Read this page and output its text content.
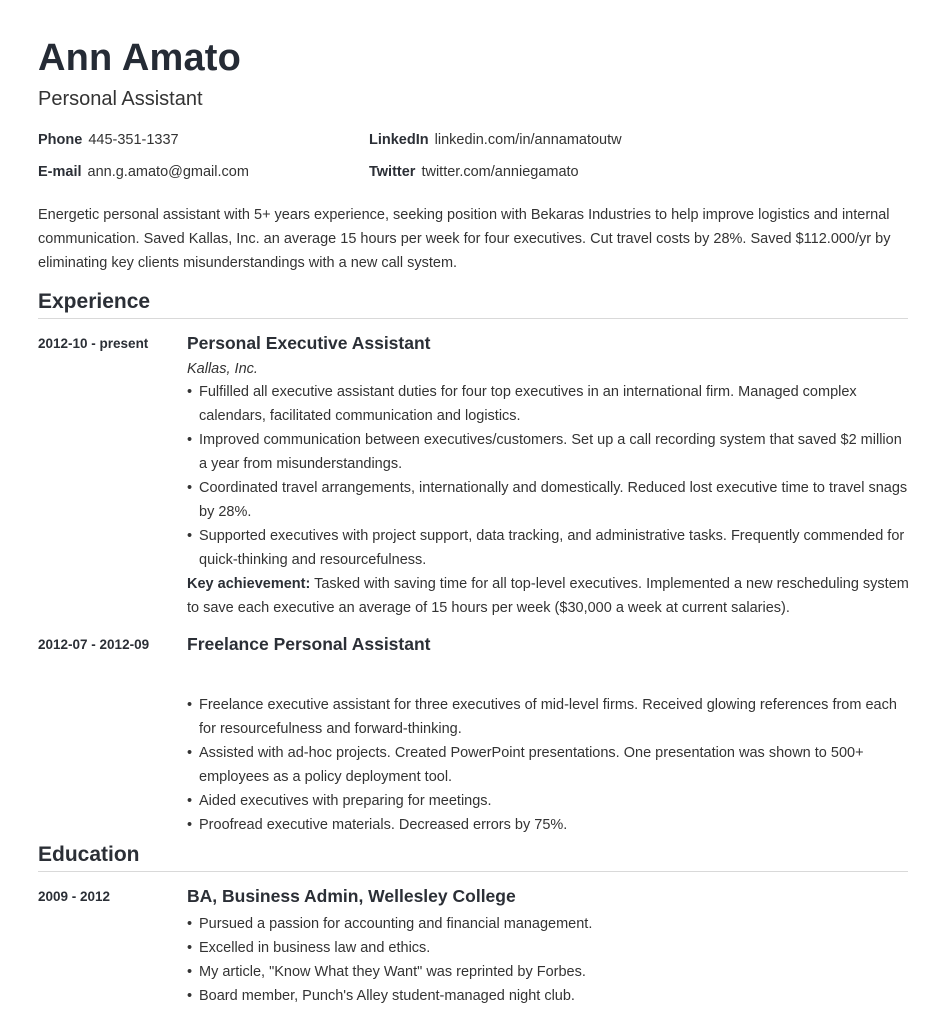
Ann Amato
Personal Assistant
Phone 445-351-1337	LinkedIn linkedin.com/in/annamatoutw
E-mail ann.g.amato@gmail.com	Twitter twitter.com/anniegamato
Energetic personal assistant with 5+ years experience, seeking position with Bekaras Industries to help improve logistics and internal communication. Saved Kallas, Inc. an average 15 hours per week for four executives. Cut travel costs by 28%. Saved $112.000/yr by eliminating key clients misunderstandings with a new call system.
Experience
2012-10 - present Personal Executive Assistant
Kallas, Inc.
• Fulfilled all executive assistant duties for four top executives in an international firm. Managed complex calendars, facilitated communication and logistics.
• Improved communication between executives/customers. Set up a call recording system that saved $2 million a year from misunderstandings.
• Coordinated travel arrangements, internationally and domestically. Reduced lost executive time to travel snags by 28%.
• Supported executives with project support, data tracking, and administrative tasks. Frequently commended for quick-thinking and resourcefulness.
Key achievement: Tasked with saving time for all top-level executives. Implemented a new rescheduling system to save each executive an average of 15 hours per week ($30,000 a week at current salaries).
2012-07 - 2012-09 Freelance Personal Assistant
• Freelance executive assistant for three executives of mid-level firms. Received glowing references from each for resourcefulness and forward-thinking.
• Assisted with ad-hoc projects. Created PowerPoint presentations. One presentation was shown to 500+ employees as a policy deployment tool.
• Aided executives with preparing for meetings.
• Proofread executive materials. Decreased errors by 75%.
Education
2009 - 2012	BA, Business Admin, Wellesley College
• Pursued a passion for accounting and financial management.
• Excelled in business law and ethics.
• My article, "Know What they Want" was reprinted by Forbes.
• Board member, Punch's Alley student-managed night club.
